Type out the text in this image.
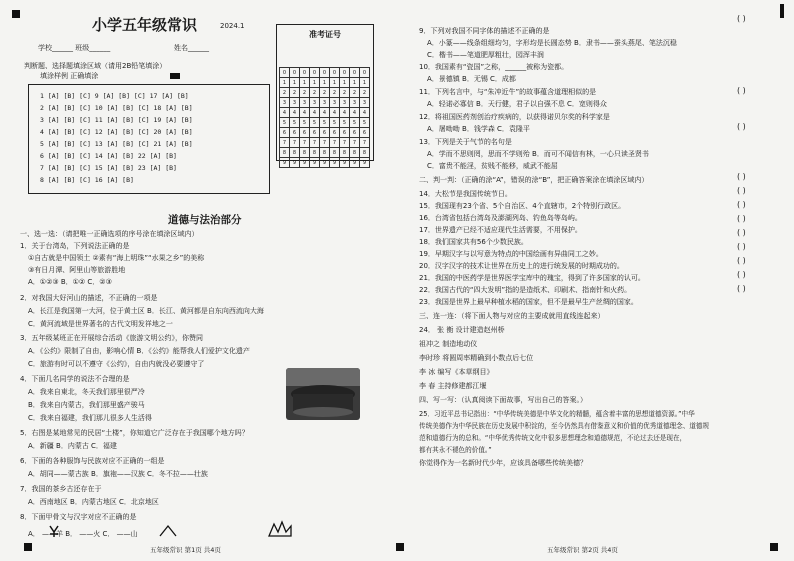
小学五年级常识	2024.1
学校______ 班级______	姓名______
判断题、选择题填涂区域（请用2B铅笔填涂）
填涂样例 正确填涂
准考证号
0	0	0	0	0	0	0	0	0
1	1	1	1	1	1	1	1	1
2	2	2	2	2	2	2	2	2
3	3	3	3	3	3	3	3	3
4	4	4	4	4	4	4	4	4
5	5	5	5	5	5	5	5	5
6	6	6	6	6	6	6	6	6
7	7	7	7	7	7	7	7	7
8	8	8	8	8	8	8	8	8
9	9	9	9	9	9	9	9	9
1 [A] [B] [C] 9 [A] [B] [C] 17 [A] [B]
2 [A] [B] [C] 10 [A] [B] [C] 18 [A] [B]
3 [A] [B] [C] 11 [A] [B] [C] 19 [A] [B]
4 [A] [B] [C] 12 [A] [B] [C] 20 [A] [B]
5 [A] [B] [C] 13 [A] [B] [C] 21 [A] [B]
6 [A] [B] [C] 14 [A] [B] 22 [A] [B]
7 [A] [B] [C] 15 [A] [B] 23 [A] [B]
8 [A] [B] [C] 16 [A] [B]
道德与法治部分
一、选一选：（请把唯一正确选项的序号涂在填涂区域内）
1．关于台湾岛，下列说法正确的是
①自古就是中国领土 ②素有“海上明珠”“水果之乡”的美称
③有日月潭、阿里山等旅游胜地
A．①②③ B．①② C．②③
2．对我国大好河山的描述，不正确的一项是
A．长江是我国第一大河，位于黄土区 B．长江、黄河都是自东向西流向大海
C．黄河流域是世界著名的古代文明发祥地之一
3．五年级某班正在开展综合活动《旅游文明公约》，你赞同
A．《公约》限制了自由，影响心情 B．《公约》能帮我人们爱护文化遗产
C．旅游有时可以不遵守《公约》，自由内就没必要遵守了
4．下面几名同学的说法不合理的是
A．我来自東北，冬天我们那里很严冷
B．我来自内蒙古，我们那里盛产骏马
C．我来自福建，我们那儿很多人生活得
5．右图是某地常见的民居“土楼”，你知道它广泛存在于我国哪个地方吗？
A．新疆 B．内蒙古 C．福建
6．下面的各种服饰与民族对应不正确的一组是
A．胡同——蒙古族 B．旗袍——汉族 C．冬不拉——壮族
7．我国的茶乡古还存在于
A．西南地区 B．内蒙古地区 C．北京地区
8．下面甲骨文与汉字对应不正确的是
A． ——羊 B． ——火 C． ——山
五年级常识 第1页 共4页
9．下列对我国不同字体的描述不正确的是
A．小篆——线条组细均匀，字形均是长圆态势 B．隶书——蚕头燕尾、笔法沉稳
C．楷书——笔道肥厚粗壮，园浑丰润
10．我国素有“瓷国”之称，______被称为瓷都。
A．景德镇 B．无锡 C．成都
11．下列名言中，与“朱冲近牛”的故事蕴含道理相似的是
A．轻诺必寡信 B．天行健，君子以自强不息 C．宽则得众
12．将祖国医药剂创治疗疾病的，以获得诺贝尔奖的科学家是
A．屠呦呦 B．钱学森 C．袁隆平
13．下列是关于气节的名句是
A．学而不思则罔，思而不学则殆 B．而可不闻信有林，一心只读圣贤书
C．富贵不能淫，贫贱不能移，威武不能屈
二、判一判：（正确的涂“A”，错误的涂“B”，把正确答案涂在填涂区域内）
14．大松节是我国传统节日。
15．我国现有23个省、5个自治区、4个直辖市，2个特别行政区。
16．台湾省包括台湾岛及澎湖列岛、钓鱼岛等岛屿。
17．世界遗产已经不适应现代生活需要，不用保护。
18．我们国家共有56个少数民族。
19．早期汉字与以写意为特点的中国绘画有异曲同工之妙。
20．汉字汉字的技术让世界在历史上的进行统发展的时期成功的。
21．我国的中医药学是世界医学宝库中的瑰宝，得到了许多国家的认可。
22．我国古代的“四大发明”指的是造纸术、印刷术、指南针和火药。
23．我国是世界上最早种植水稻的国家，但不是最早生产丝绸的国家。
三、连一连：（将下面人物与对应的主要成就用直线连起来）
24． 张 衡 设计建造赵州桥
祖冲之 制造地动仪
李时珍 将圆周率精确到小数点后七位
李 冰 编写《本草纲目》
李 春 主持修建都江堰
四、写一写：（认真阅读下面故事，写出自己的答案。）
25．习近平总书记指出：“中华传统美德是中华文化的精髓，蕴含着丰富的思想道德资源。”中华
传统美德作为中华民族在历史发展中积淀的，至今仍然具有借鉴意义和价值的优秀道德理念、道德规
范和道德行为的总和。“中华优秀传统文化中很多思想理念和道德规范，不论过去还是现在，
都有其永不褪色的价值。”
你觉得作为一名新时代少年，应该具备哪些传统美德？
( )
( )
( )
( )
( )
( )
( )
( )
( )
( )
( )
( )
五年级常识 第2页 共4页
